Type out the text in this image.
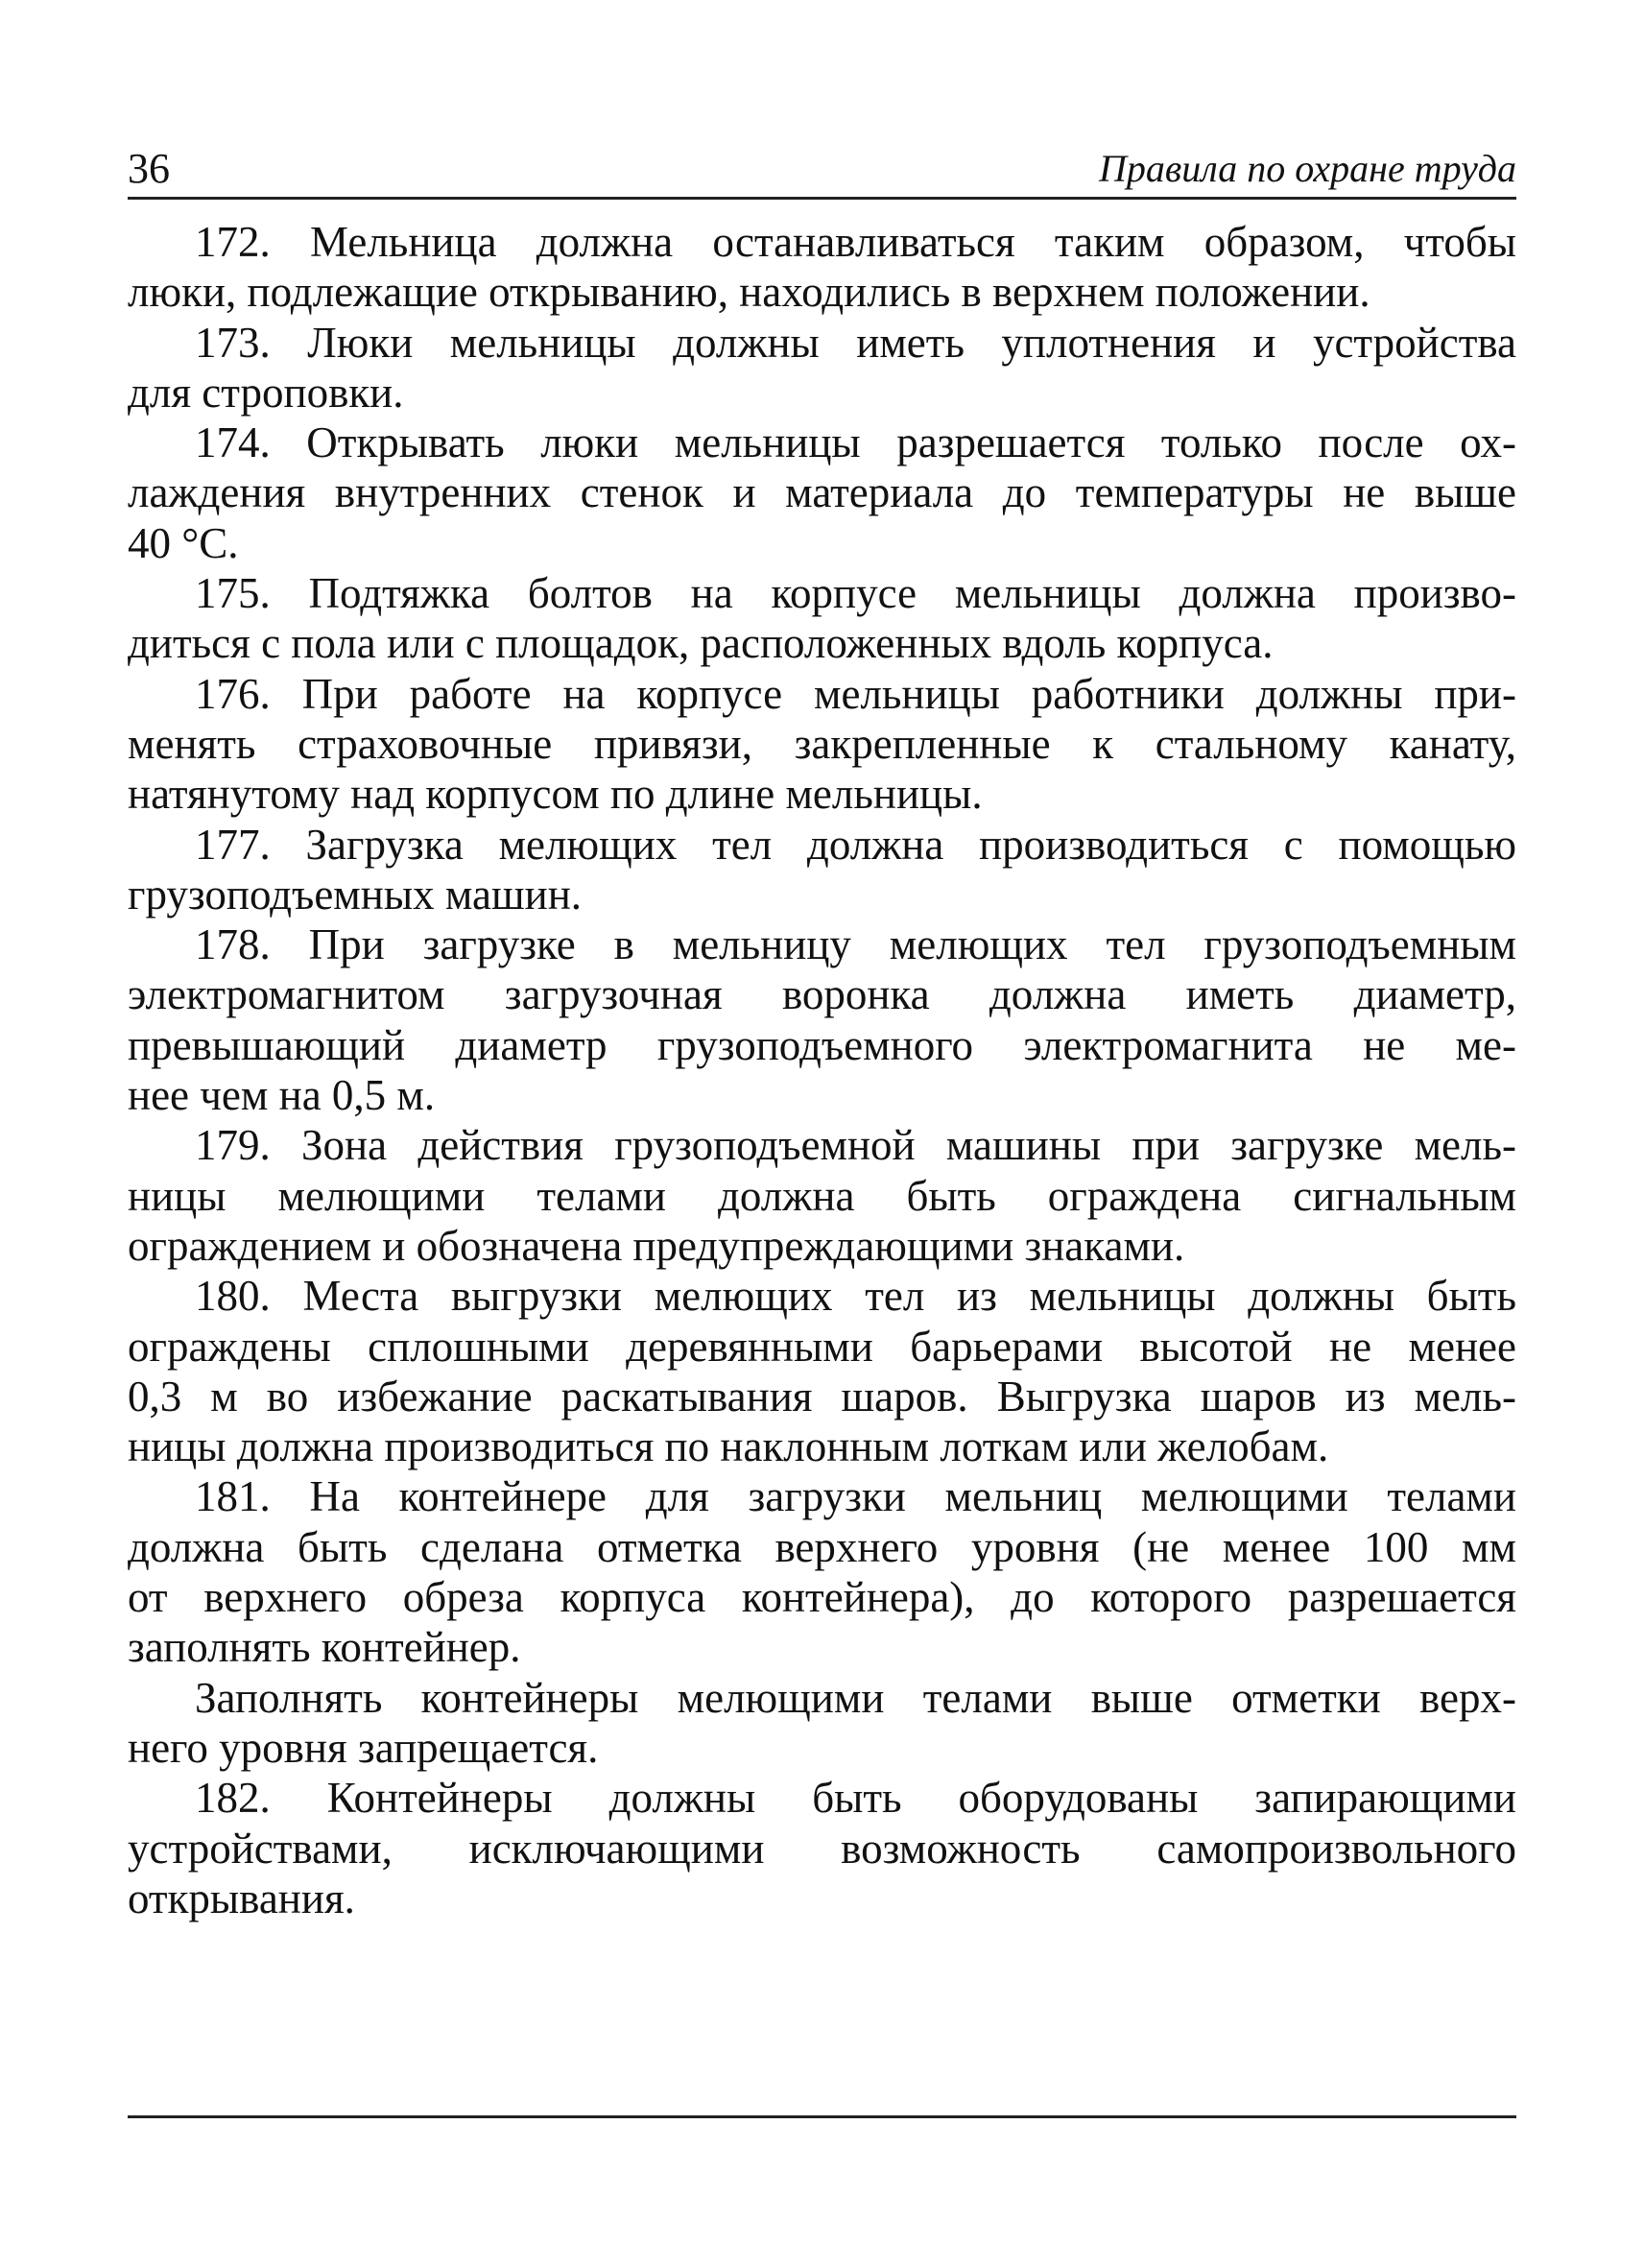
36	Правила по охране труда

172. Мельница должна останавливаться таким образом, чтобы
люки, подлежащие открыванию, находились в верхнем положении.

173. Люки мельницы должны иметь уплотнения и устройства
для строповки.

174. Открывать люки мельницы разрешается только после ох-
лаждения внутренних стенок и материала до температуры не выше
40 °С.

175. Подтяжка болтов на корпусе мельницы должна произво-
диться с пола или с площадок, расположенных вдоль корпуса.

176. При работе на корпусе мельницы работники должны при-
менять страховочные привязи, закрепленные к стальному канату,
натянутому над корпусом по длине мельницы.

177. Загрузка мелющих тел должна производиться с помощью
грузоподъемных машин.

178. При загрузке в мельницу мелющих тел грузоподъемным
электромагнитом загрузочная воронка должна иметь диаметр,
превышающий диаметр грузоподъемного электромагнита не ме-
нее чем на 0,5 м.

179. Зона действия грузоподъемной машины при загрузке мель-
ницы мелющими телами должна быть ограждена сигнальным
ограждением и обозначена предупреждающими знаками.

180. Места выгрузки мелющих тел из мельницы должны быть
ограждены сплошными деревянными барьерами высотой не менее
0,3 м во избежание раскатывания шаров. Выгрузка шаров из мель-
ницы должна производиться по наклонным лоткам или желобам.

181. На контейнере для загрузки мельниц мелющими телами
должна быть сделана отметка верхнего уровня (не менее 100 мм
от верхнего обреза корпуса контейнера), до которого разрешается
заполнять контейнер.

Заполнять контейнеры мелющими телами выше отметки верх-
него уровня запрещается.

182. Контейнеры должны быть оборудованы запирающими
устройствами, исключающими возможность самопроизвольного
открывания.
